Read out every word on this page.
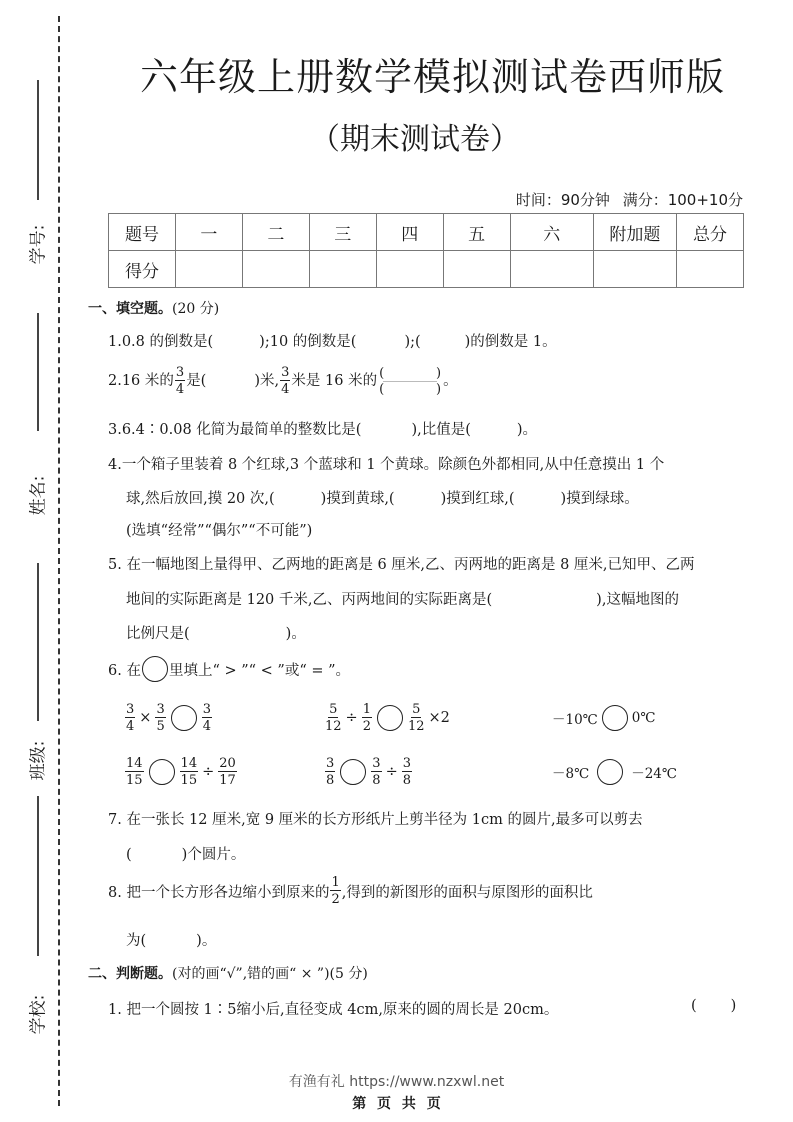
学号:
姓名:
班级:
学校:
六年级上册数学模拟测试卷西师版
（期末测试卷）
时间：90分钟 满分：100+10分
题号	一	二	三	四	五	六	附加题	总分
得分								
一、填空题。(20 分)
1.0.8 的倒数是(	);10 的倒数是(	);(	)的倒数是 1。
2.16 米的 $\frac{3}{4}$ 是(	)米, $\frac{3}{4}$ 米是 16 米的 (	)
(	) 。
3.6.4∶0.08 化简为最简单的整数比是(	),比值是(	)。
4.一个箱子里装着 8 个红球,3 个蓝球和 1 个黄球。除颜色外都相同,从中任意摸出 1 个
球,然后放回,摸 20 次,(	)摸到黄球,(	)摸到红球,(	)摸到绿球。
(选填“经常”“偶尔”“不可能”)
5. 在一幅地图上量得甲、乙两地的距离是 6 厘米,乙、丙两地的距离是 8 厘米,已知甲、乙两
地间的实际距离是 120 千米,乙、丙两地间的实际距离是(	),这幅地图的
比例尺是(	)。
6. 在 里填上“ > ”“ < ”或“ = ”。
$\frac{3}{4} \times \frac{3}{5}$	$\frac{3}{4}$	$\frac{5}{12} \div \frac{1}{2}$	$\frac{5}{12} \times 2$	－10℃	0℃
$\frac{14}{15}$	$\frac{14}{15} \div \frac{20}{17}$	$\frac{3}{8}$	$\frac{3}{8} \div \frac{3}{8}$	－8℃	－24℃
7. 在一张长 12 厘米,宽 9 厘米的长方形纸片上剪半径为 1cm 的圆片,最多可以剪去
(	)个圆片。
8. 把一个长方形各边缩小到原来的 $\frac{1}{2}$ ,得到的新图形的面积与原图形的面积比
为(	)。
二、判断题。(对的画“√”,错的画“ × ”)(5 分)
1. 把一个圆按 1∶5缩小后,直径变成 4cm,原来的圆的周长是 20cm。	( )
有渔有礼 https://www.nzxwl.net
第 页 共 页
